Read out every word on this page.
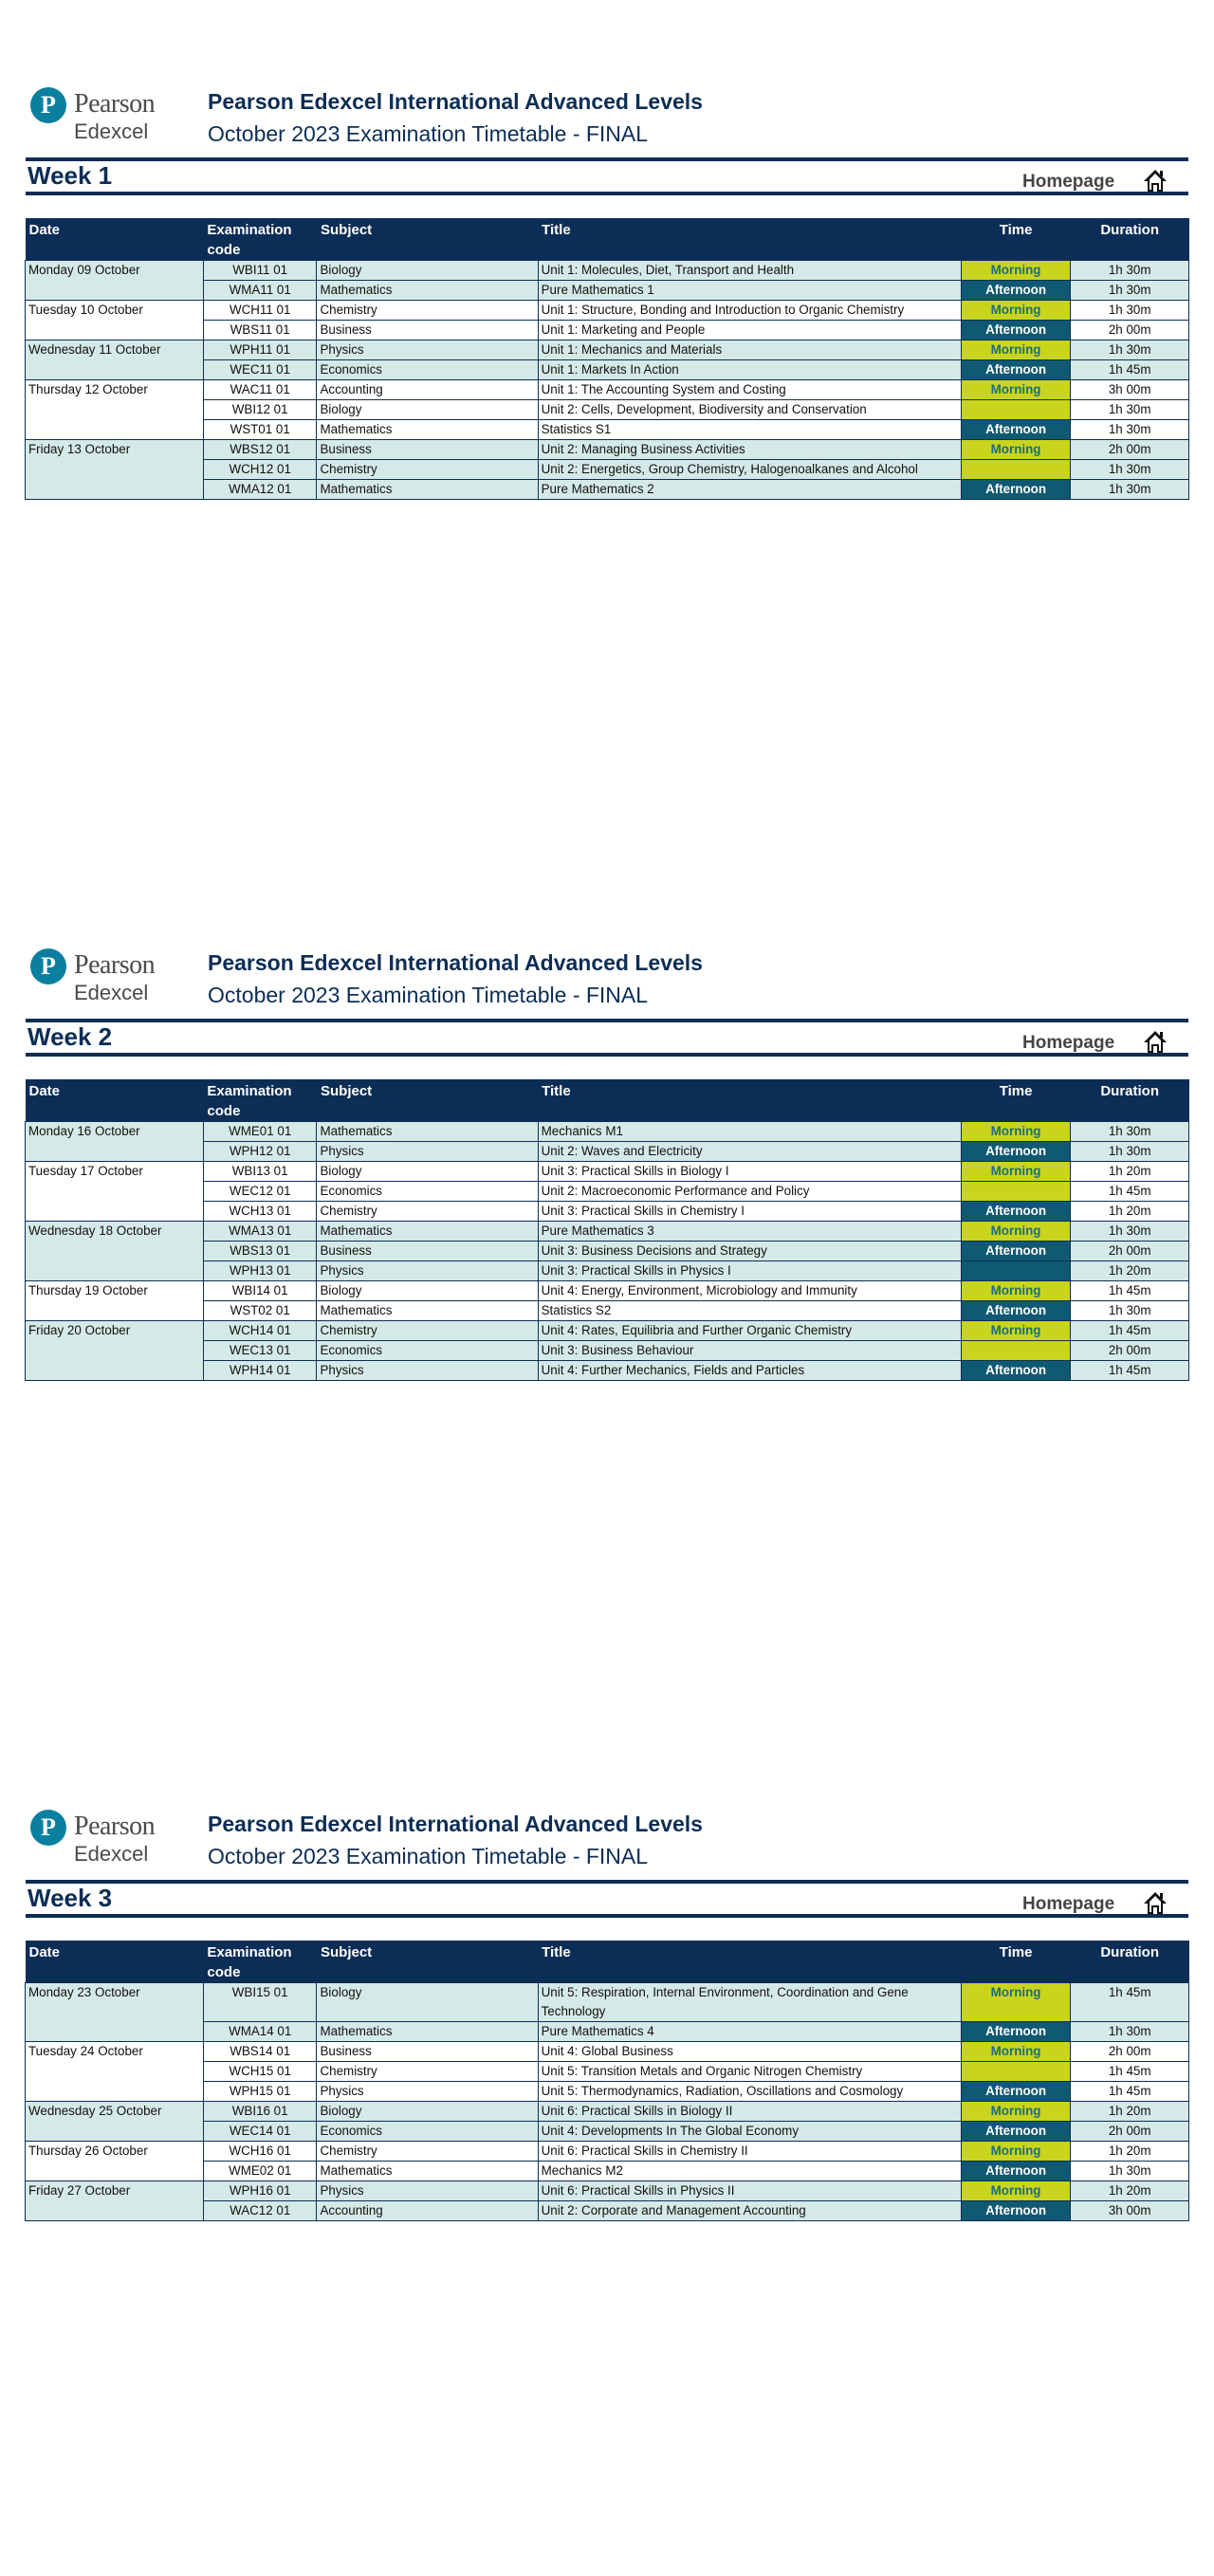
P Pearson
Edexcel
Pearson Edexcel International Advanced Levels
October 2023 Examination Timetable - FINAL
Week 1	Homepage
Date	Examination code	Subject	Title	Time	Duration
Monday 09 October	WBI11 01	Biology	Unit 1: Molecules, Diet, Transport and Health	Morning	1h 30m
	WMA11 01	Mathematics	Pure Mathematics 1	Afternoon	1h 30m
Tuesday 10 October	WCH11 01	Chemistry	Unit 1: Structure, Bonding and Introduction to Organic Chemistry	Morning	1h 30m
	WBS11 01	Business	Unit 1: Marketing and People	Afternoon	2h 00m
Wednesday 11 October	WPH11 01	Physics	Unit 1: Mechanics and Materials	Morning	1h 30m
	WEC11 01	Economics	Unit 1: Markets In Action	Afternoon	1h 45m
Thursday 12 October	WAC11 01	Accounting	Unit 1: The Accounting System and Costing	Morning	3h 00m
	WBI12 01	Biology	Unit 2: Cells, Development, Biodiversity and Conservation		1h 30m
	WST01 01	Mathematics	Statistics S1	Afternoon	1h 30m
Friday 13 October	WBS12 01	Business	Unit 2: Managing Business Activities	Morning	2h 00m
	WCH12 01	Chemistry	Unit 2: Energetics, Group Chemistry, Halogenoalkanes and Alcohol		1h 30m
	WMA12 01	Mathematics	Pure Mathematics 2	Afternoon	1h 30m
P Pearson
Edexcel
Pearson Edexcel International Advanced Levels
October 2023 Examination Timetable - FINAL
Week 2	Homepage
Date	Examination code	Subject	Title	Time	Duration
Monday 16 October	WME01 01	Mathematics	Mechanics M1	Morning	1h 30m
	WPH12 01	Physics	Unit 2: Waves and Electricity	Afternoon	1h 30m
Tuesday 17 October	WBI13 01	Biology	Unit 3: Practical Skills in Biology I	Morning	1h 20m
	WEC12 01	Economics	Unit 2: Macroeconomic Performance and Policy		1h 45m
	WCH13 01	Chemistry	Unit 3: Practical Skills in Chemistry I	Afternoon	1h 20m
Wednesday 18 October	WMA13 01	Mathematics	Pure Mathematics 3	Morning	1h 30m
	WBS13 01	Business	Unit 3: Business Decisions and Strategy	Afternoon	2h 00m
	WPH13 01	Physics	Unit 3: Practical Skills in Physics I		1h 20m
Thursday 19 October	WBI14 01	Biology	Unit 4: Energy, Environment, Microbiology and Immunity	Morning	1h 45m
	WST02 01	Mathematics	Statistics S2	Afternoon	1h 30m
Friday 20 October	WCH14 01	Chemistry	Unit 4: Rates, Equilibria and Further Organic Chemistry	Morning	1h 45m
	WEC13 01	Economics	Unit 3: Business Behaviour		2h 00m
	WPH14 01	Physics	Unit 4: Further Mechanics, Fields and Particles	Afternoon	1h 45m
P Pearson
Edexcel
Pearson Edexcel International Advanced Levels
October 2023 Examination Timetable - FINAL
Week 3	Homepage
Date	Examination code	Subject	Title	Time	Duration
Monday 23 October	WBI15 01	Biology	Unit 5: Respiration, Internal Environment, Coordination and Gene Technology	Morning	1h 45m
	WMA14 01	Mathematics	Pure Mathematics 4	Afternoon	1h 30m
Tuesday 24 October	WBS14 01	Business	Unit 4: Global Business	Morning	2h 00m
	WCH15 01	Chemistry	Unit 5: Transition Metals and Organic Nitrogen Chemistry		1h 45m
	WPH15 01	Physics	Unit 5: Thermodynamics, Radiation, Oscillations and Cosmology	Afternoon	1h 45m
Wednesday 25 October	WBI16 01	Biology	Unit 6: Practical Skills in Biology II	Morning	1h 20m
	WEC14 01	Economics	Unit 4: Developments In The Global Economy	Afternoon	2h 00m
Thursday 26 October	WCH16 01	Chemistry	Unit 6: Practical Skills in Chemistry II	Morning	1h 20m
	WME02 01	Mathematics	Mechanics M2	Afternoon	1h 30m
Friday 27 October	WPH16 01	Physics	Unit 6: Practical Skills in Physics II	Morning	1h 20m
	WAC12 01	Accounting	Unit 2: Corporate and Management Accounting	Afternoon	3h 00m
